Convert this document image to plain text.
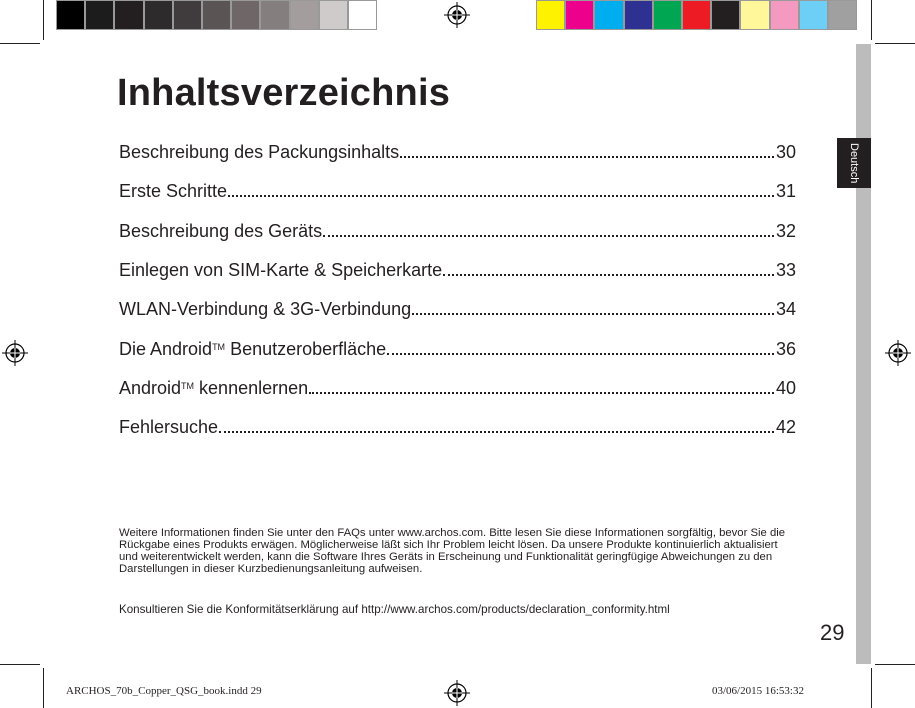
Deutsch
Inhaltsverzeichnis
Beschreibung des Packungsinhalts	30
Erste Schritte	31
Beschreibung des Geräts	32
Einlegen von SIM-Karte & Speicherkarte	33
WLAN-Verbindung & 3G-Verbindung	34
Die Android™ Benutzeroberfläche	36
Android™ kennenlernen	40
Fehlersuche	42
Weitere Informationen finden Sie unter den FAQs unter www.archos.com. Bitte lesen Sie diese Informationen sorgfältig, bevor Sie die Rückgabe eines Produkts erwägen. Möglicherweise läßt sich Ihr Problem leicht lösen. Da unsere Produkte kontinuierlich aktualisiert und weiterentwickelt werden, kann die Software Ihres Geräts in Erscheinung und Funktionalität geringfügige Abweichungen zu den Darstellungen in dieser Kurzbedienungsanleitung aufweisen.
Konsultieren Sie die Konformitätserklärung auf http://www.archos.com/products/declaration_conformity.html
29
ARCHOS_70b_Copper_QSG_book.indd 29	03/06/2015 16:53:32
